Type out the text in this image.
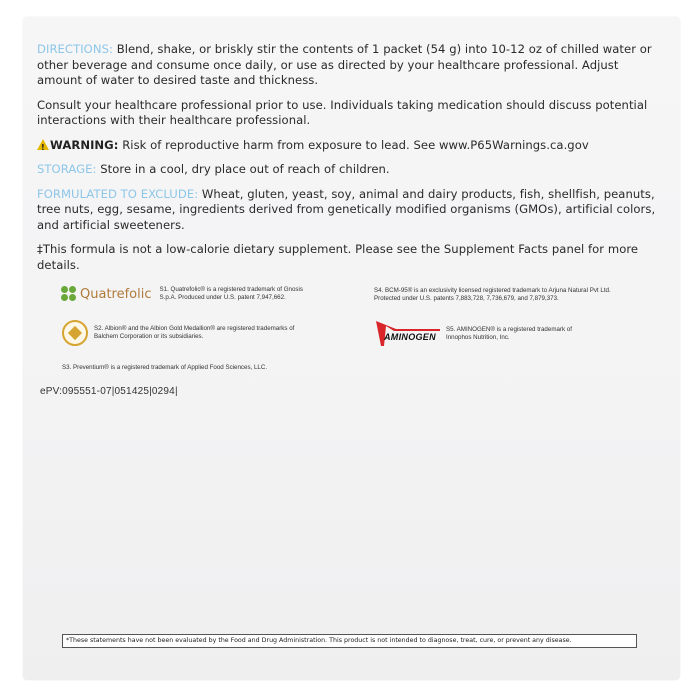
DIRECTIONS: Blend, shake, or briskly stir the contents of 1 packet (54 g) into 10-12 oz of chilled water or other beverage and consume once daily, or use as directed by your healthcare professional. Adjust amount of water to desired taste and thickness.

Consult your healthcare professional prior to use. Individuals taking medication should discuss potential interactions with their healthcare professional.

!WARNING: Risk of reproductive harm from exposure to lead. See www.P65Warnings.ca.gov

STORAGE: Store in a cool, dry place out of reach of children.

FORMULATED TO EXCLUDE: Wheat, gluten, yeast, soy, animal and dairy products, fish, shellfish, peanuts, tree nuts, egg, sesame, ingredients derived from genetically modified organisms (GMOs), artificial colors, and artificial sweeteners.

‡This formula is not a low-calorie dietary supplement. Please see the Supplement Facts panel for more details.

Quatrefolic S1. Quatrefolic® is a registered trademark of Gnosis
S.p.A. Produced under U.S. patent 7,947,662.
S4. BCM-95® is an exclusivity licensed registered trademark to Arjuna Natural Pvt Ltd.
Protected under U.S. patents 7,883,728, 7,736,679, and 7,879,373.
S2. Albion® and the Albion Gold Medallion® are registered trademarks of
Balchem Corporation or its subsidiaries.	AMINOGEN
S5. AMINOGEN® is a registered trademark of
Innophos Nutrition, Inc.
S3. Preventium® is a registered trademark of Applied Food Sciences, LLC.
ePV:095551-07|051425|0294|
*These statements have not been evaluated by the Food and Drug Administration. This product is not intended to diagnose, treat, cure, or prevent any disease.
